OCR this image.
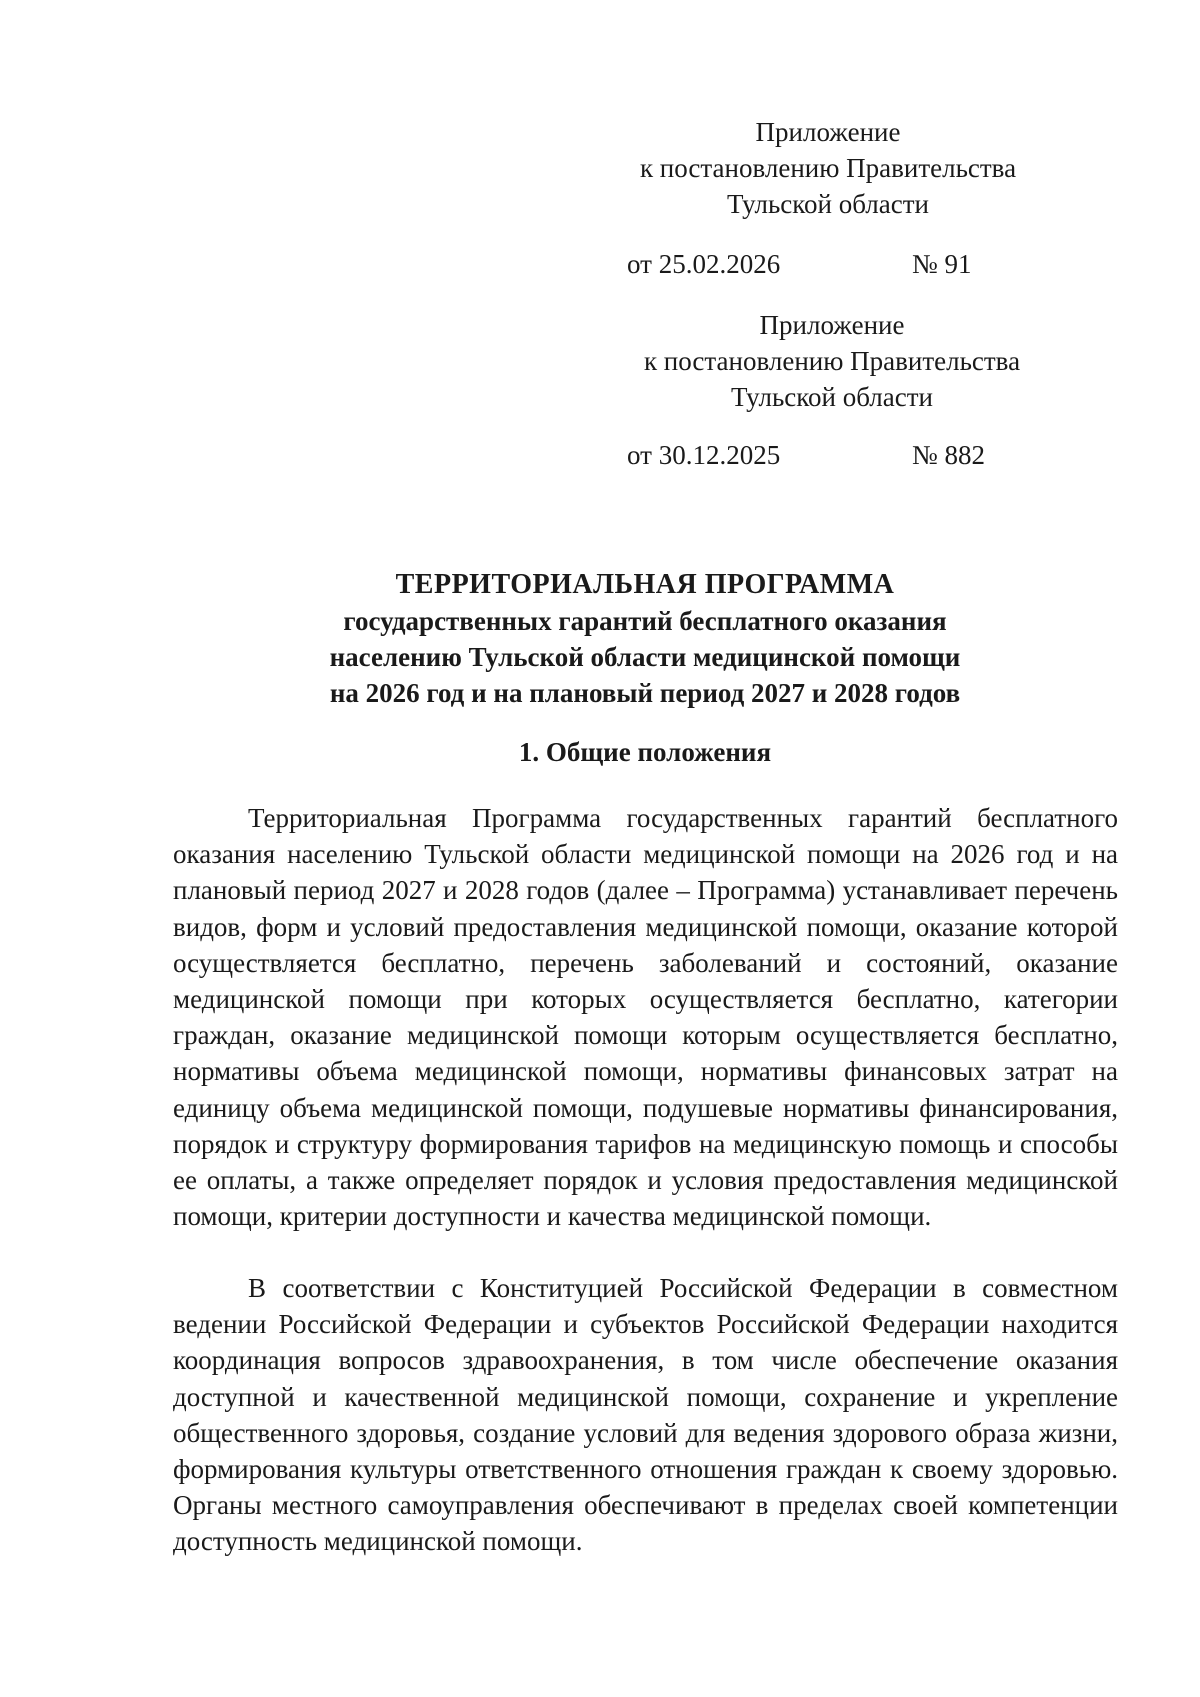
Приложение
к постановлению Правительства
Тульской области
от 25.02.2026	№ 91
Приложение
к постановлению Правительства
Тульской области
от 30.12.2025	№ 882
ТЕРРИТОРИАЛЬНАЯ ПРОГРАММА
государственных гарантий бесплатного оказания
населению Тульской области медицинской помощи
на 2026 год и на плановый период 2027 и 2028 годов
1. Общие положения

Территориальная Программа государственных гарантий бесплатного оказания населению Тульской области медицинской помощи на 2026 год и на плановый период 2027 и 2028 годов (далее – Программа) устанавливает перечень видов, форм и условий предоставления медицинской помощи, оказание которой осуществляется бесплатно, перечень заболеваний и состояний, оказание медицинской помощи при которых осуществляется бесплатно, категории граждан, оказание медицинской помощи которым осуществляется бесплатно, нормативы объема медицинской помощи, нормативы финансовых затрат на единицу объема медицинской помощи, подушевые нормативы финансирования, порядок и структуру формирования тарифов на медицинскую помощь и способы ее оплаты, а также определяет порядок и условия предоставления медицинской помощи, критерии доступности и качества медицинской помощи.

В соответствии с Конституцией Российской Федерации в совместном ведении Российской Федерации и субъектов Российской Федерации находится координация вопросов здравоохранения, в том числе обеспечение оказания доступной и качественной медицинской помощи, сохранение и укрепление общественного здоровья, создание условий для ведения здорового образа жизни, формирования культуры ответственного отношения граждан к своему здоровью. Органы местного самоуправления обеспечивают в пределах своей компетенции доступность медицинской помощи.
